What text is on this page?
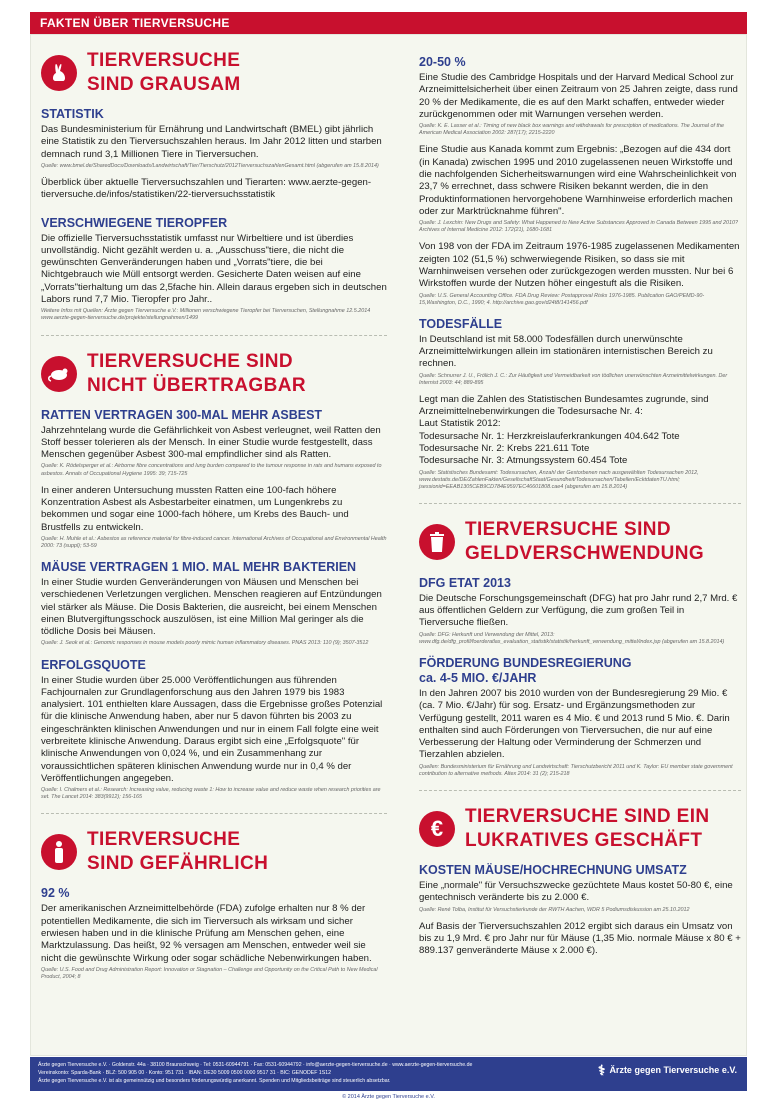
FAKTEN ÜBER TIERVERSUCHE
TIERVERSUCHE
SIND GRAUSAM
STATISTIK

Das Bundesministerium für Ernährung und Landwirtschaft (BMEL) gibt jährlich eine Statistik zu den Tierversuchszahlen heraus. Im Jahr 2012 litten und starben demnach rund 3,1 Millionen Tiere in Tierversuchen.

Quelle: www.bmel.de/SharedDocs/Downloads/Landwirtschaft/Tier/Tierschutz/2012TierversuchszahlenGesamt.html (abgerufen am 15.8.2014)

Überblick über aktuelle Tierversuchszahlen und Tierarten: www.aerzte-gegen-tierversuche.de/infos/statistiken/22-tierversuchsstatistik

VERSCHWIEGENE TIEROPFER

Die offizielle Tierversuchsstatistik umfasst nur Wirbeltiere und ist überdies unvollständig. Nicht gezählt werden u. a. „Ausschuss"tiere, die nicht die gewünschten Genveränderungen haben und „Vorrats"tiere, die bei Nichtgebrauch wie Müll entsorgt werden. Gesicherte Daten weisen auf eine „Vorrats"tierhaltung um das 2,5fache hin. Allein daraus ergeben sich in deutschen Labors rund 7,7 Mio. Tieropfer pro Jahr..

Weitere Infos mit Quellen: Ärzte gegen Tierversuche e.V.: Millionen verschwiegene Tieropfer bei Tierversuchen, Stellungnahme 12.5.2014 www.aerzte-gegen-tierversuche.de/projekte/stellungnahmen/1499
TIERVERSUCHE SIND
NICHT ÜBERTRAGBAR
RATTEN VERTRAGEN 300-MAL MEHR ASBEST

Jahrzehntelang wurde die Gefährlichkeit von Asbest verleugnet, weil Ratten den Stoff besser tolerieren als der Mensch. In einer Studie wurde festgestellt, dass Menschen gegenüber Asbest 300-mal empfindlicher sind als Ratten.

Quelle: K. Rödelsperger et al.: Airborne fibre concentrations and lung burden compared to the tumour response in rats and humans exposed to asbestos. Annals of Occupational Hygiene 1995: 39; 715-725

In einer anderen Untersuchung mussten Ratten eine 100-fach höhere Konzentration Asbest als Asbestarbeiter einatmen, um Lungenkrebs zu bekommen und sogar eine 1000-fach höhere, um Krebs des Bauch- und Brustfells zu entwickeln.

Quelle: H. Muhle et al.: Asbestos as reference material for fibre-induced cancer. International Archives of Occupational and Environmental Health 2000: 73 (suppl); 53-59
MÄUSE VERTRAGEN 1 MIO. MAL MEHR BAKTERIEN

In einer Studie wurden Genveränderungen von Mäusen und Menschen bei verschiedenen Verletzungen verglichen. Menschen reagieren auf Entzündungen viel stärker als Mäuse. Die Dosis Bakterien, die ausreicht, bei einem Menschen einen Blutvergiftungsschock auszulösen, ist eine Million Mal geringer als die tödliche Dosis bei Mäusen.

Quelle: J. Seok et al.: Genomic responses in mouse models poorly mimic human inflammatory diseases. PNAS 2013: 110 (9); 3507-3512
ERFOLGSQUOTE

In einer Studie wurden über 25.000 Veröffentlichungen aus führenden Fachjournalen zur Grundlagenforschung aus den Jahren 1979 bis 1983 analysiert. 101 enthielten klare Aussagen, dass die Ergebnisse großes Potenzial für die klinische Anwendung haben, aber nur 5 davon führten bis 2003 zu eingeschränkten klinischen Anwendungen und nur in einem Fall folgte eine weit verbreitete klinische Anwendung. Daraus ergibt sich eine „Erfolgsquote" für klinische Anwendungen von 0,024 %, und ein Zusammenhang zur voraussichtlichen späteren klinischen Anwendung wurde nur in 0,4 % der Veröffentlichungen angegeben.

Quelle: I. Chalmers et al.: Research: Increasing value, reducing waste 1: How to increase value and reduce waste when research priorities are set. The Lancet 2014: 383(9912); 156-165
TIERVERSUCHE
SIND GEFÄHRLICH
92 %

Der amerikanischen Arzneimittelbehörde (FDA) zufolge erhalten nur 8 % der potentiellen Medikamente, die sich im Tierversuch als wirksam und sicher erwiesen haben und in die klinische Prüfung am Menschen gehen, eine Marktzulassung. Das heißt, 92 % versagen am Menschen, entweder weil sie nicht die gewünschte Wirkung oder sogar schädliche Nebenwirkungen haben.

Quelle: U.S. Food and Drug Administration Report: Innovation or Stagnation – Challenge and Opportunity on the Critical Path to New Medical Product, 2004; 8
20-50 %

Eine Studie des Cambridge Hospitals und der Harvard Medical School zur Arzneimittelsicherheit über einen Zeitraum von 25 Jahren zeigte, dass rund 20 % der Medikamente, die es auf den Markt schaffen, entweder wieder zurückgenommen oder mit Warnungen versehen werden.

Quelle: K. E. Lasser et al.: Timing of new black box warnings and withdrawals for prescription of medications. The Journal of the American Medical Association 2002: 287(17); 2215-2220

Eine Studie aus Kanada kommt zum Ergebnis: „Bezogen auf die 434 dort (in Kanada) zwischen 1995 und 2010 zugelassenen neuen Wirkstoffe und die nachfolgenden Sicherheitswarnungen wird eine Wahrscheinlichkeit von 23,7 % errechnet, dass schwere Risiken bekannt werden, die in den Produktinformationen hervorgehobene Warnhinweise erforderlich machen oder zur Marktrücknahme führen".

Quelle: J. Lexchin: New Drugs and Safety: What Happened to New Active Substances Approved in Canada Between 1995 and 2010? Archives of Internal Medicine 2012: 172(21), 1680-1681

Von 198 von der FDA im Zeitraum 1976-1985 zugelassenen Medikamenten zeigten 102 (51,5 %) schwerwiegende Risiken, so dass sie mit Warnhinweisen versehen oder zurückgezogen werden mussten. Nur bei 6 Wirkstoffen wurde der Nutzen höher eingestuft als die Risiken.

Quelle: U.S. General Accounting Office. FDA Drug Review: Postapproval Risks 1976-1985. Publication GAO/PEMD-90-15,Washington, D.C., 1990; 4. http://archive.gao.gov/d24t8/141456.pdf
TODESFÄLLE

In Deutschland ist mit 58.000 Todesfällen durch unerwünschte Arzneimittelwirkungen allein im stationären internistischen Bereich zu rechnen.

Quelle: Schnurrer J. U., Frölich J. C.: Zur Häufigkeit und Vermeidbarkeit von tödlichen unerwünschten Arzneimittelwirkungen. Der Internist 2003: 44; 889-895

Legt man die Zahlen des Statistischen Bundesamtes zugrunde, sind Arzneimittelnebenwirkungen die Todesursache Nr. 4:

Laut Statistik 2012:

Todesursache Nr. 1: Herzkreislauferkrankungen 404.642 Tote

Todesursache Nr. 2: Krebs 221.611 Tote

Todesursache Nr. 3: Atmungssystem 60.454 Tote

Quelle: Statistisches Bundesamt: Todesursachen, Anzahl der Gestorbenen nach ausgewählten Todesursachen 2012, www.destatis.de/DE/ZahlenFakten/GesellschaftStaat/Gesundheit/Todesursachen/Tabellen/EcktdatenTU.html; jsessionid=EEAB1305CEB9CD784E9597EC46601808.cae4 (abgerufen am 15.8.2014)
TIERVERSUCHE SIND
GELDVERSCHWENDUNG
DFG ETAT 2013

Die Deutsche Forschungsgemeinschaft (DFG) hat pro Jahr rund 2,7 Mrd. € aus öffentlichen Geldern zur Verfügung, die zum großen Teil in Tierversuche fließen.

Quelle: DFG: Herkunft und Verwendung der Mittel, 2013: www.dfg.de/dfg_profil/foerderatlas_evaluation_statistik/statistik/herkunft_verwendung_mittel/index.jsp (abgerufen am 15.8.2014)
FÖRDERUNG BUNDESREGIERUNG
ca. 4-5 MIO. €/JAHR

In den Jahren 2007 bis 2010 wurden von der Bundesregierung 29 Mio. € (ca. 7 Mio. €/Jahr) für sog. Ersatz- und Ergänzungsmethoden zur Verfügung gestellt, 2011 waren es 4 Mio. € und 2013 rund 5 Mio. €. Darin enthalten sind auch Förderungen von Tierversuchen, die nur auf eine Verbesserung der Haltung oder Verminderung der Schmerzen und Tierzahlen abzielen.

Quellen: Bundesministerium für Ernährung und Landwirtschaft: Tierschutzbericht 2011 und K. Taylor: EU member state government contribution to alternative methods. Altex 2014: 31 (2); 215-218
€ TIERVERSUCHE SIND EIN
LUKRATIVES GESCHÄFT
KOSTEN MÄUSE/HOCHRECHNUNG UMSATZ

Eine „normale" für Versuchszwecke gezüchtete Maus kostet 50-80 €, eine gentechnisch veränderte bis zu 2.000 €.

Quelle: René Tolba, Institut für Versuchstierkunde der RWTH Aachen, WDR 5 Podiumsdiskussion am 25.10.2012

Auf Basis der Tierversuchszahlen 2012 ergibt sich daraus ein Umsatz von bis zu 1,9 Mrd. € pro Jahr nur für Mäuse (1,35 Mio. normale Mäuse x 80 € + 889.137 genveränderte Mäuse x 2.000 €).

Ärzte gegen Tierversuche e.V. · Goldenstr. 44a · 38100 Braunschweig · Tel: 0531-60944791 · Fax: 0531-60944792 · info@aerzte-gegen-tierversuche.de · www.aerzte-gegen-tierversuche.de
Vereinskonto: Sparda-Bank · BLZ: 500 905 00 · Konto: 951 731 · IBAN: DE30 5009 0500 0000 9517 31 · BIC: GENODEF 1S12
Ärzte gegen Tierversuche e.V. ist als gemeinnützig und besonders förderungswürdig anerkannt. Spenden und Mitgliedsbeiträge sind steuerlich absetzbar.
⚕ Ärzte gegen Tierversuche e.V.
© 2014 Ärzte gegen Tierversuche e.V.
